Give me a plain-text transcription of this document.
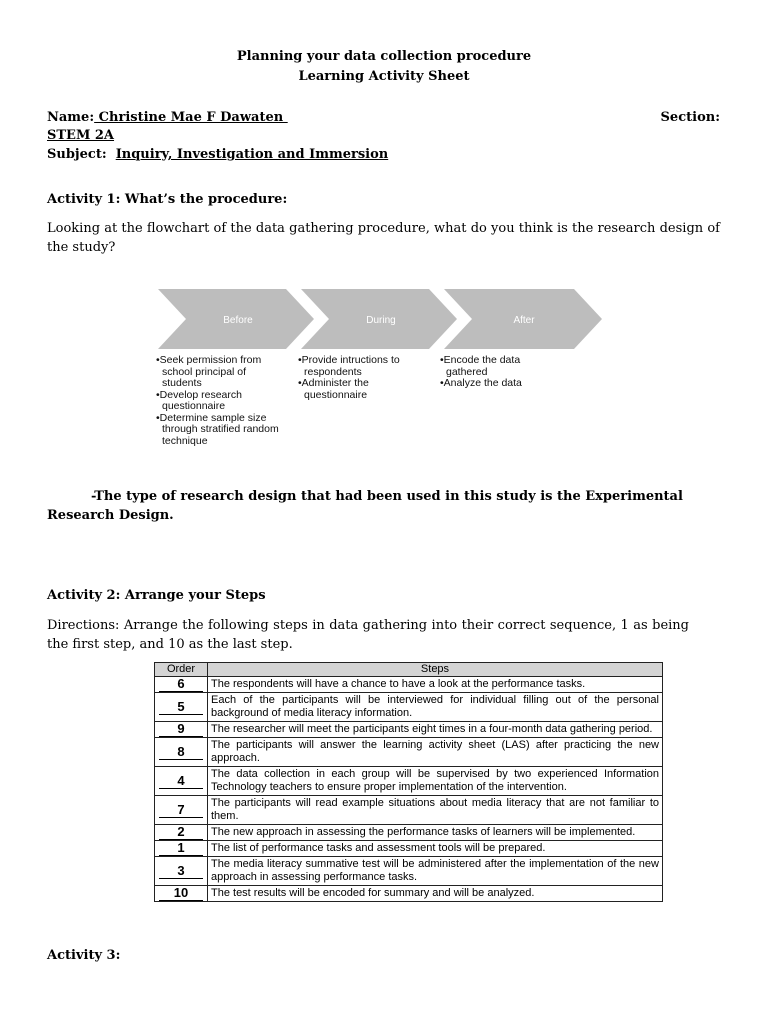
Planning your data collection procedure
Learning Activity Sheet
Name: Christine Mae F Dawaten	Section:
STEM 2A
Subject: Inquiry, Investigation and Immersion
Activity 1: What’s the procedure:
Looking at the flowchart of the data gathering procedure, what do you think is the research design of the study?
Before	During	After
•Seek permission from school principal of students
•Develop research questionnaire
•Determine sample size through stratified random technique
•Provide intructions to respondents
•Administer the questionnaire
•Encode the data gathered
•Analyze the data
-The type of research design that had been used in this study is the Experimental Research Design.
Activity 2: Arrange your Steps
Directions: Arrange the following steps in data gathering into their correct sequence, 1 as being the first step, and 10 as the last step.
Order	Steps
6	The respondents will have a chance to have a look at the performance tasks.
5	Each of the participants will be interviewed for individual filling out of the personal background of media literacy information.
9	The researcher will meet the participants eight times in a four-month data gathering period.
8	The participants will answer the learning activity sheet (LAS) after practicing the new approach.
4	The data collection in each group will be supervised by two experienced Information Technology teachers to ensure proper implementation of the intervention.
7	The participants will read example situations about media literacy that are not familiar to them.
2	The new approach in assessing the performance tasks of learners will be implemented.
1	The list of performance tasks and assessment tools will be prepared.
3	The media literacy summative test will be administered after the implementation of the new approach in assessing performance tasks.
10	The test results will be encoded for summary and will be analyzed.
Activity 3:
